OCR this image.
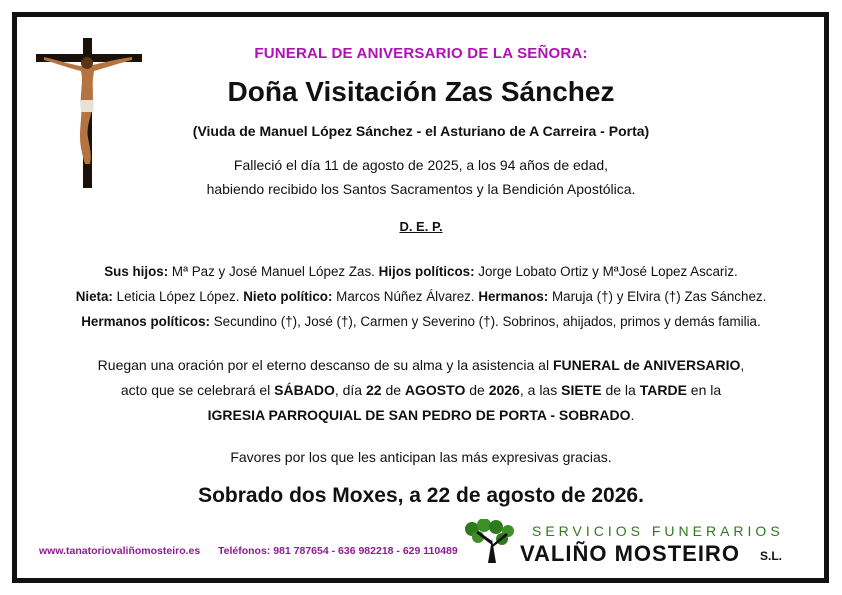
FUNERAL DE ANIVERSARIO DE LA SEÑORA:
Doña Visitación Zas Sánchez
(Viuda de Manuel López Sánchez - el Asturiano de A Carreira - Porta)
Falleció el día 11 de agosto de 2025, a los 94 años de edad,
habiendo recibido los Santos Sacramentos y la Bendición Apostólica.
D. E. P.
Sus hijos: Mª Paz y José Manuel López Zas. Hijos políticos: Jorge Lobato Ortiz y MªJosé Lopez Ascariz.
Nieta: Leticia López López. Nieto político: Marcos Núñez Álvarez. Hermanos: Maruja (†) y Elvira (†) Zas Sánchez.
Hermanos políticos: Secundino (†), José (†), Carmen y Severino (†). Sobrinos, ahijados, primos y demás familia.
Ruegan una oración por el eterno descanso de su alma y la asistencia al FUNERAL de ANIVERSARIO,
acto que se celebrará el SÁBADO, día 22 de AGOSTO de 2026, a las SIETE de la TARDE en la
IGRESIA PARROQUIAL DE SAN PEDRO DE PORTA - SOBRADO.
Favores por los que les anticipan las más expresivas gracias.
Sobrado dos Moxes, a 22 de agosto de 2026.
www.tanatoriovaliñomosteiro.es Teléfonos: 981 787654 - 636 982218 - 629 110489
SERVICIOS FUNERARIOS
VALIÑO MOSTEIRO S.L.
